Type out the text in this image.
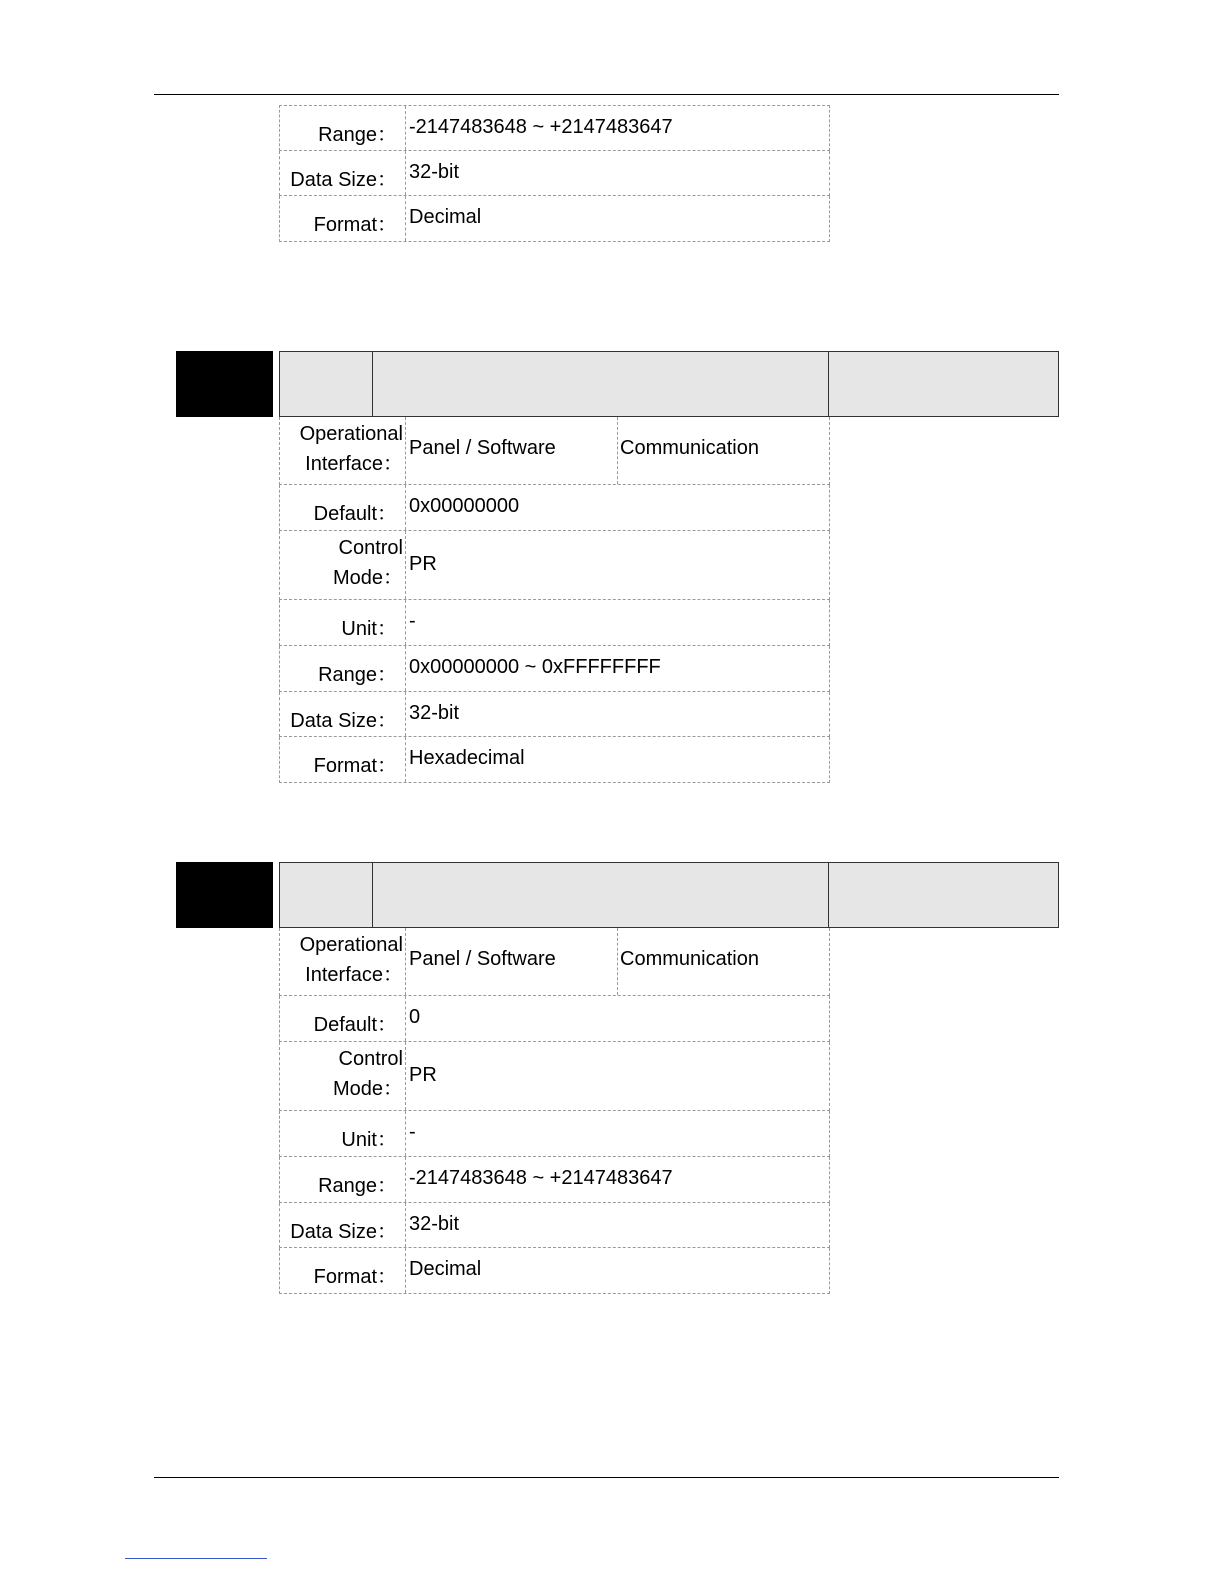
Range： -2147483648 ~ +2147483647
Data Size： 32-bit
Format： Decimal
Operational
Interface：
Panel / Software	Communication
Default： 0x00000000
Control
Mode：
PR
Unit： -
Range： 0x00000000 ~ 0xFFFFFFFF
Data Size： 32-bit
Format： Hexadecimal
Operational
Interface：
Panel / Software	Communication
Default： 0
Control
Mode：
PR
Unit： -
Range： -2147483648 ~ +2147483647
Data Size： 32-bit
Format： Decimal
